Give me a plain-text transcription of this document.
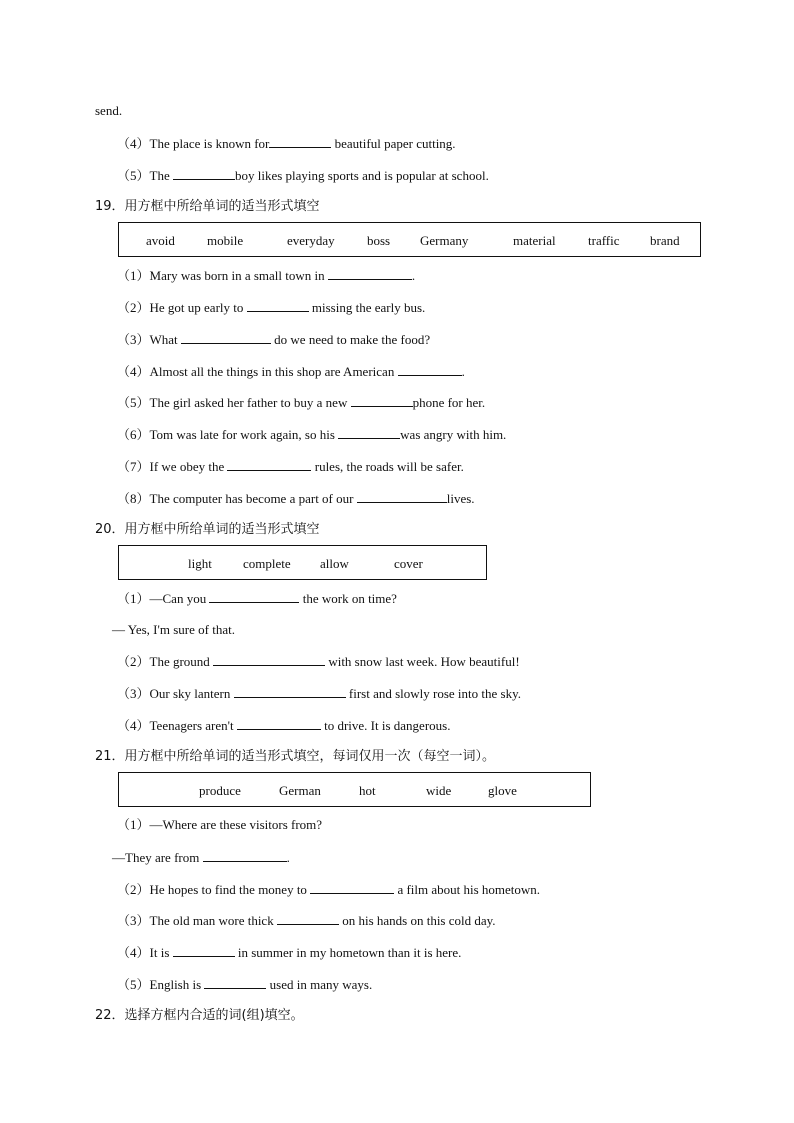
send.
（4）The place is known for	beautiful paper cutting.
（5）The	boy likes playing sports and is popular at school.
19．用方框中所给单词的适当形式填空
avoid mobile	everyday boss Germany	material traffic brand
（1）Mary was born in a small town in	.
（2）He got up early to	missing the early bus.
（3）What	do we need to make the food?
（4）Almost all the things in this shop are American	.
（5）The girl asked her father to buy a new	phone for her.
（6）Tom was late for work again, so his	was angry with him.
（7）If we obey the	rules, the roads will be safer.
（8）The computer has become a part of our	lives.
20．用方框中所给单词的适当形式填空
light complete allow	cover
（1）—Can you	the work on time?
— Yes, I'm sure of that.
（2）The ground	with snow last week. How beautiful!
（3）Our sky lantern	first and slowly rose into the sky.
（4）Teenagers aren't	to drive. It is dangerous.
21．用方框中所给单词的适当形式填空，每词仅用一次（每空一词）。
produce	German	hot	wide	glove
（1）—Where are these visitors from?
—They are from	.
（2）He hopes to find the money to	a film about his hometown.
（3）The old man wore thick	on his hands on this cold day.
（4）It is	in summer in my hometown than it is here.
（5）English is	used in many ways.
22．选择方框内合适的词(组)填空。
